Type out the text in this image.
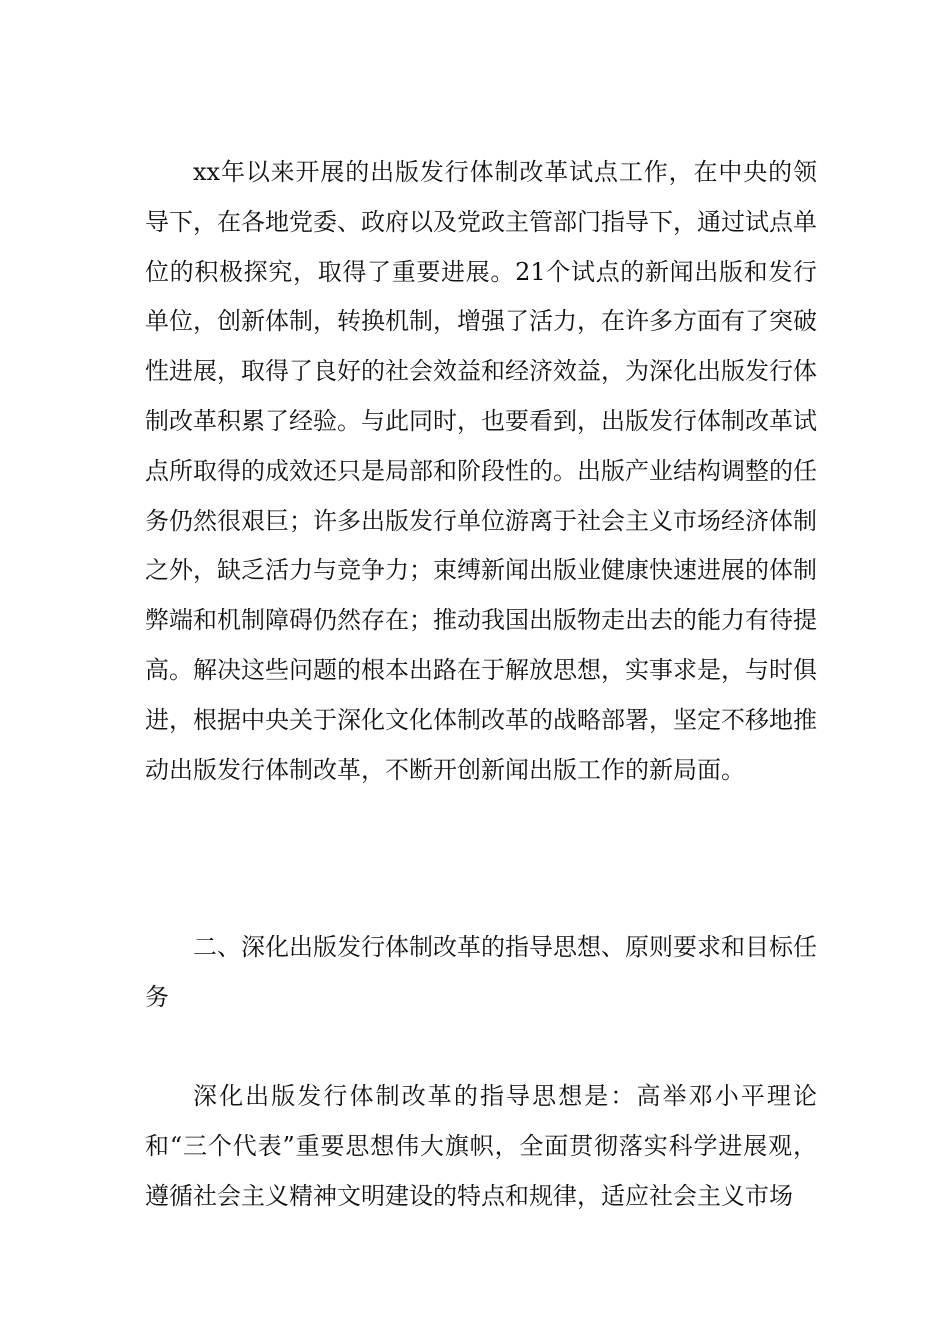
xx年以来开展的出版发行体制改革试点工作，在中央的领导下，在各地党委、政府以及党政主管部门指导下，通过试点单位的积极探究，取得了重要进展。21个试点的新闻出版和发行单位，创新体制，转换机制，增强了活力，在许多方面有了突破性进展，取得了良好的社会效益和经济效益，为深化出版发行体制改革积累了经验。与此同时，也要看到，出版发行体制改革试点所取得的成效还只是局部和阶段性的。出版产业结构调整的任务仍然很艰巨；许多出版发行单位游离于社会主义市场经济体制之外，缺乏活力与竞争力；束缚新闻出版业健康快速进展的体制弊端和机制障碍仍然存在；推动我国出版物走出去的能力有待提高。解决这些问题的根本出路在于解放思想，实事求是，与时俱进，根据中央关于深化文化体制改革的战略部署，坚定不移地推动出版发行体制改革，不断开创新闻出版工作的新局面。

二、深化出版发行体制改革的指导思想、原则要求和目标任务

深化出版发行体制改革的指导思想是：高举邓小平理论和“三个代表”重要思想伟大旗帜，全面贯彻落实科学进展观，遵循社会主义精神文明建设的特点和规律，适应社会主义市场
